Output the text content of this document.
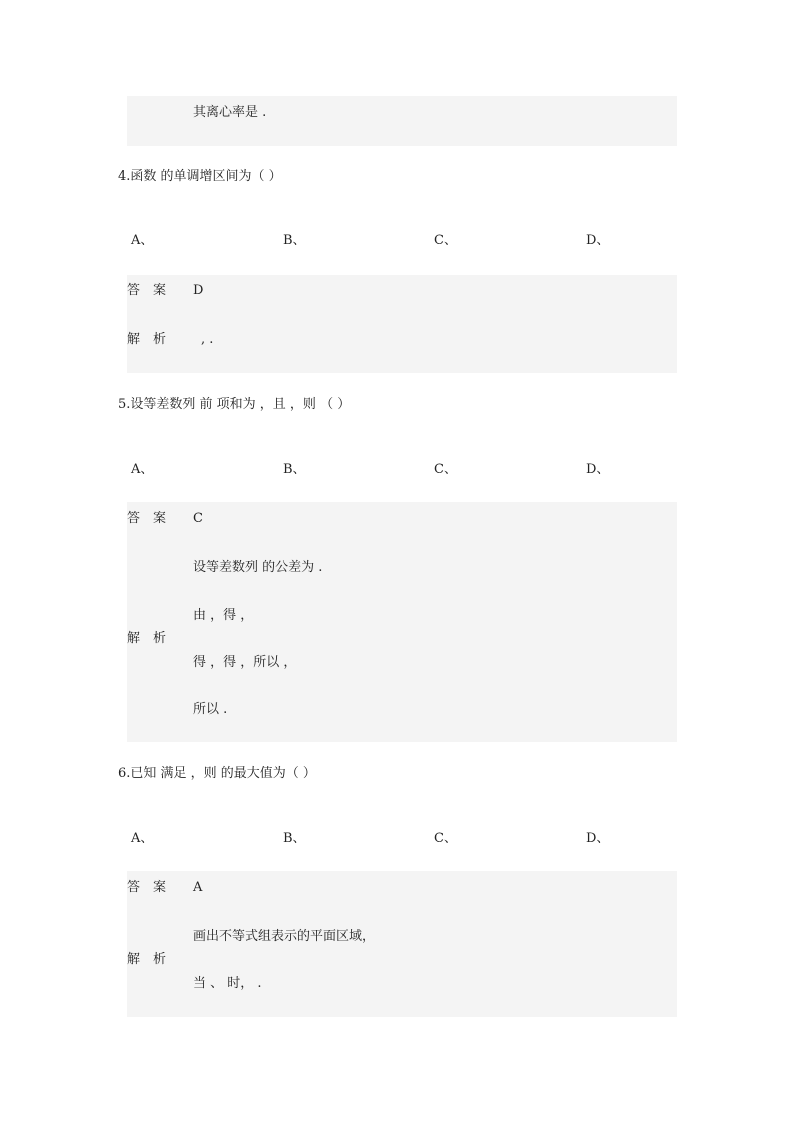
其离心率是 .
4.函数 的单调增区间为（ ）
A、	B、	C、	D、
答案 D
解析 , .
5.设等差数列 前 项和为 ，且 ，则 （ ）
A、	B、	C、	D、
答案 C
设等差数列 的公差为 .
由 ，得 ，
解析
得 ，得 ，所以 ，
所以 .
6.已知 满足 ，则 的最大值为（ ）
A、	B、	C、	D、
答案 A
画出不等式组表示的平面区域，
解析
当 、 时， .
